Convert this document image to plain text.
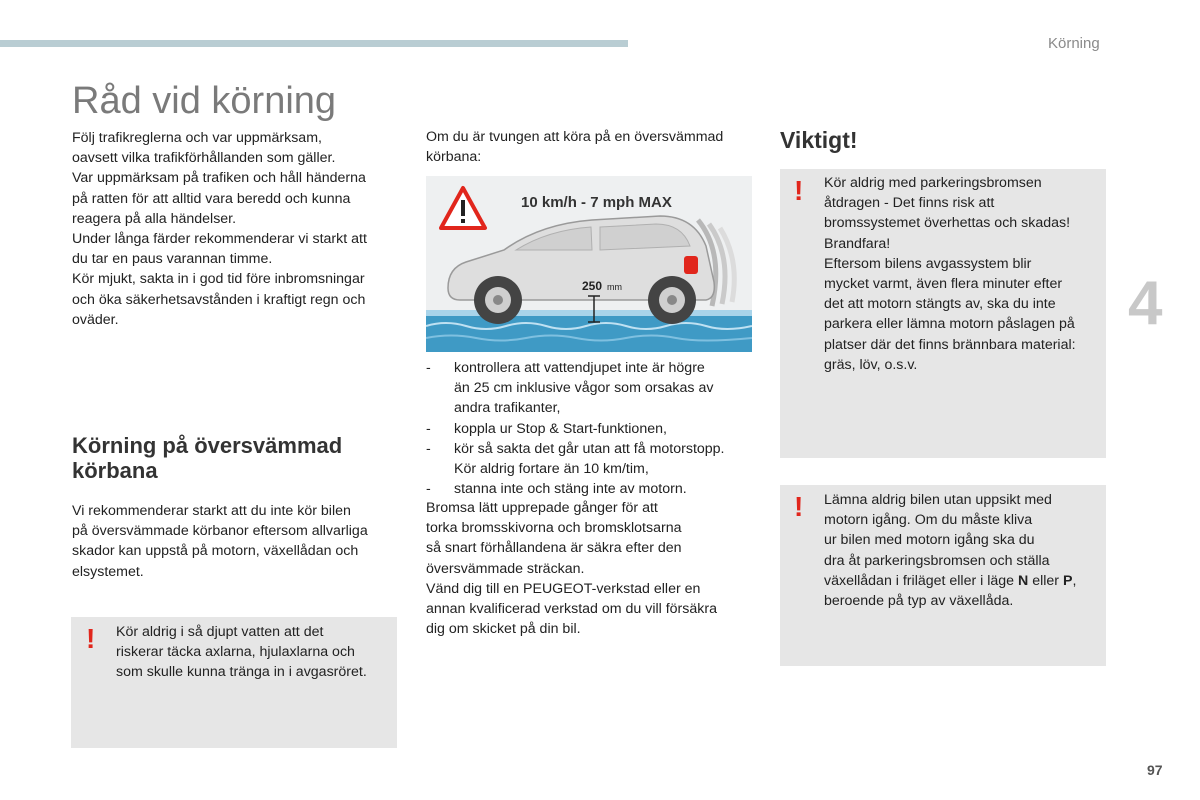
Körning
Råd vid körning
Följ trafikreglerna och var uppmärksam,
oavsett vilka trafikförhållanden som gäller.
Var uppmärksam på trafiken och håll händerna
på ratten för att alltid vara beredd och kunna
reagera på alla händelser.
Under långa färder rekommenderar vi starkt att
du tar en paus varannan timme.
Kör mjukt, sakta in i god tid före inbromsningar
och öka säkerhetsavstånden i kraftigt regn och
oväder.
Körning på översvämmad
körbana
Vi rekommenderar starkt att du inte kör bilen
på översvämmade körbanor eftersom allvarliga
skador kan uppstå på motorn, växellådan och
elsystemet.
! Kör aldrig i så djupt vatten att det
riskerar täcka axlarna, hjulaxlarna och
som skulle kunna tränga in i avgasröret.
Om du är tvungen att köra på en översvämmad
körbana:
10 km/h - 7 mph MAX
250 mm
-	kontrollera att vattendjupet inte är högre
än 25 cm inklusive vågor som orsakas av
andra trafikanter,
-	koppla ur Stop & Start-funktionen,
-	kör så sakta det går utan att få motorstopp.
Kör aldrig fortare än 10 km/tim,
-	stanna inte och stäng inte av motorn.
Bromsa lätt upprepade gånger för att
torka bromsskivorna och bromsklotsarna
så snart förhållandena är säkra efter den
översvämmade sträckan.
Vänd dig till en PEUGEOT-verkstad eller en
annan kvalificerad verkstad om du vill försäkra
dig om skicket på din bil.
Viktigt!
! Kör aldrig med parkeringsbromsen
åtdragen - Det finns risk att
bromssystemet överhettas och skadas!
Brandfara!
Eftersom bilens avgassystem blir
mycket varmt, även flera minuter efter
det att motorn stängts av, ska du inte
parkera eller lämna motorn påslagen på
platser där det finns brännbara material:
gräs, löv, o.s.v.
! Lämna aldrig bilen utan uppsikt med
motorn igång. Om du måste kliva
ur bilen med motorn igång ska du
dra åt parkeringsbromsen och ställa
växellådan i friläget eller i läge N eller P,
beroende på typ av växellåda.
4
97
